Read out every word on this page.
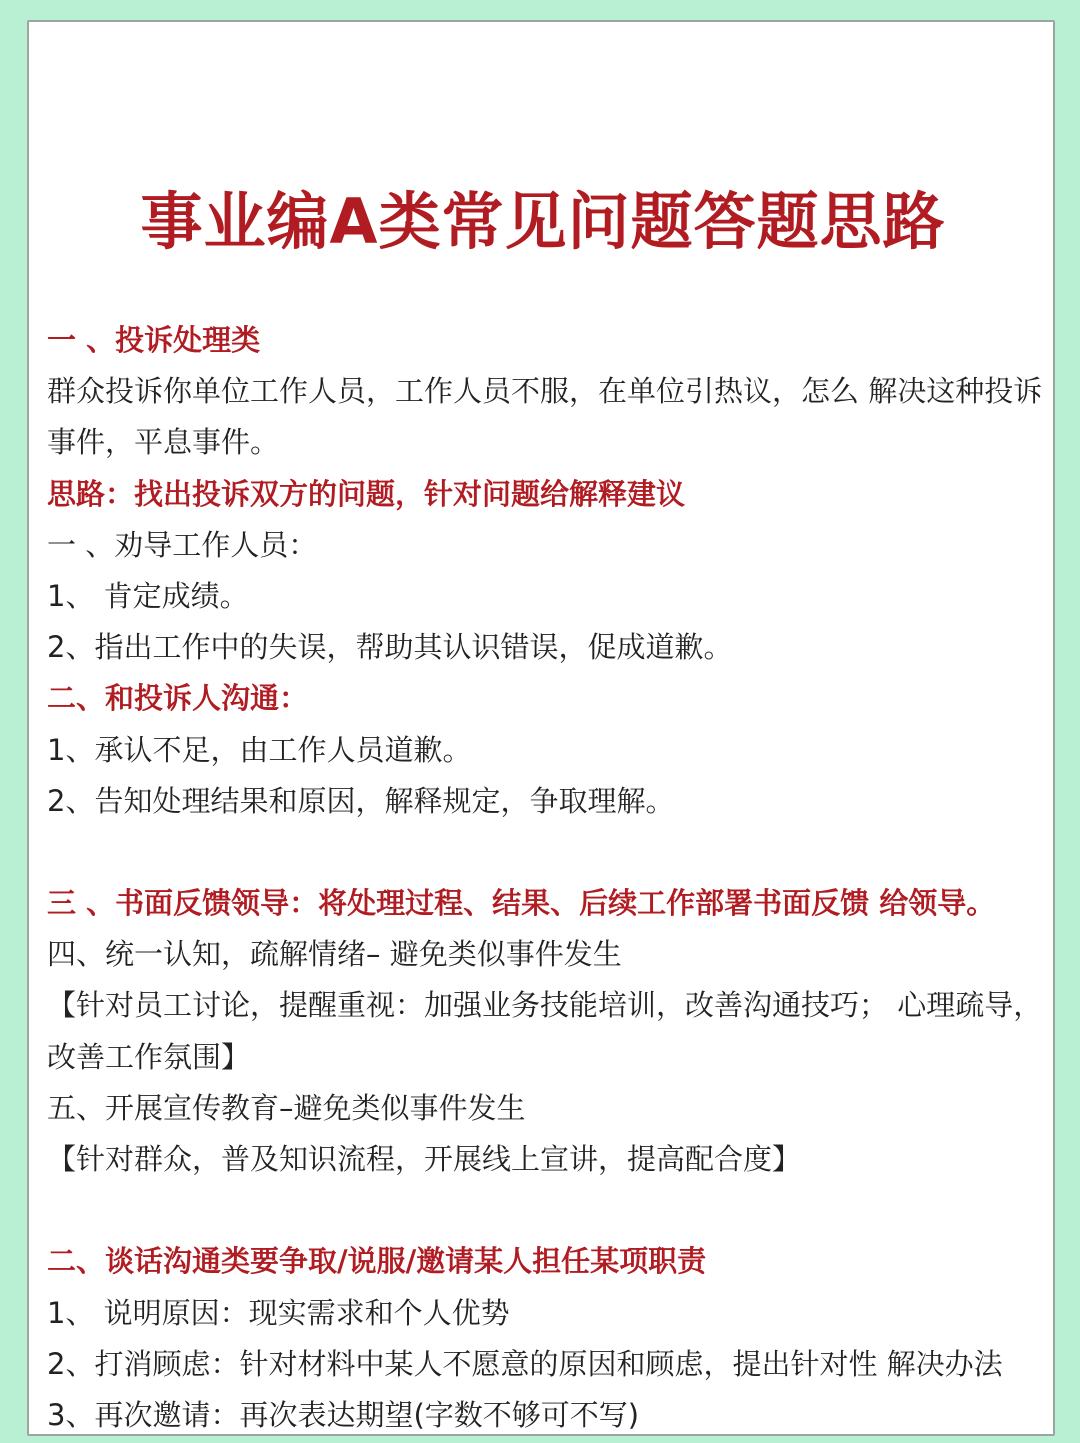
事业编A类常见问题答题思路
一 、投诉处理类
群众投诉你单位工作人员，工作人员不服，在单位引热议，怎么 解决这种投诉事件，平息事件。
思路：找出投诉双方的问题，针对问题给解释建议
一 、劝导工作人员：
1、 肯定成绩。
2、指出工作中的失误，帮助其认识错误，促成道歉。
二、和投诉人沟通：
1、承认不足，由工作人员道歉。
2、告知处理结果和原因，解释规定，争取理解。
三 、书面反馈领导：将处理过程、结果、后续工作部署书面反馈 给领导。
四、统一认知，疏解情绪– 避免类似事件发生
【针对员工讨论，提醒重视：加强业务技能培训，改善沟通技巧； 心理疏导，改善工作氛围】
五、开展宣传教育–避免类似事件发生
【针对群众，普及知识流程，开展线上宣讲，提高配合度】
二、谈话沟通类要争取/说服/邀请某人担任某项职责
1、 说明原因：现实需求和个人优势
2、打消顾虑：针对材料中某人不愿意的原因和顾虑，提出针对性 解决办法
3、再次邀请：再次表达期望(字数不够可不写)
